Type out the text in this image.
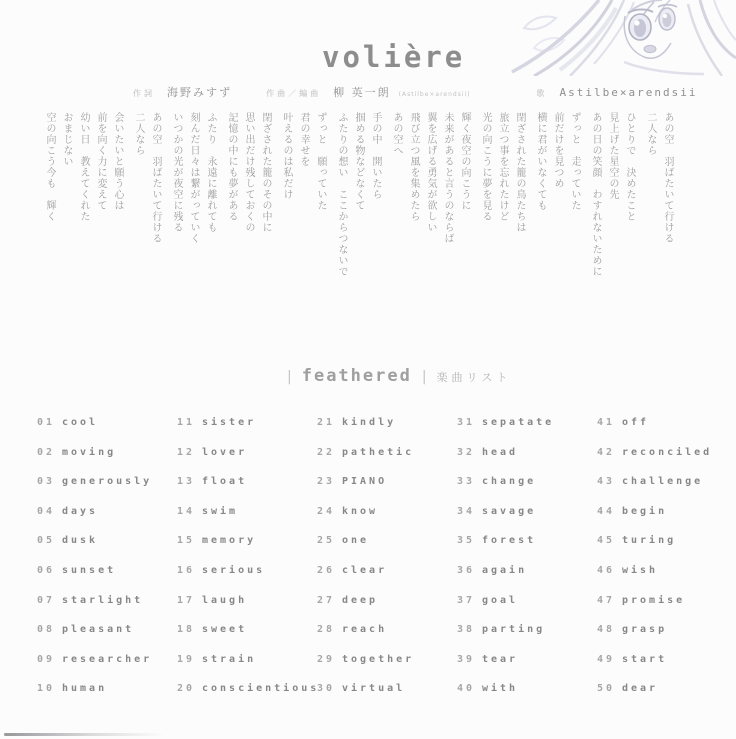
volière
作詞 海野みすず	作曲／編曲 柳 英一朗 (Astilbe×arendsii)	歌 Astilbe×arendsii

あの空　羽ばたいて行ける

二人なら

ひとりで　決めたこと

見上げた星空の先

あの日の笑顔　わすれないために

ずっと　走っていた

前だけを見つめ

横に君がいなくても

閉ざされた籠の鳥たちは

旅立つ事を忘れたけど

光の向こうに夢を見る

輝く夜空の向こうに

未来があると言うのならば

翼を広げる勇気が欲しい

飛び立つ風を集めたら

あの空へ

手の中　開いたら

掴める物などなくて

ふたりの想い　ここからつないで

ずっと　願っていた

君の幸せを

叶えるのは私だけ

閉ざされた籠のその中に

思い出だけ残しておくの

記憶の中にも夢がある

ふたり　永遠に離れても

刻んだ日々は繋がっていく

いつかの光が夜空に残る

あの空　羽ばたいて行ける

二人なら

会いたいと願う心は

前を向く力に変えて

幼い日　教えてくれた

おまじない

空の向こう今も　輝く

| feathered | 楽曲リスト
01 cool
02 moving
03 generously
04 days
05 dusk
06 sunset
07 starlight
08 pleasant
09 researcher
10 human
11 sister
12 lover
13 float
14 swim
15 memory
16 serious
17 laugh
18 sweet
19 strain
20 conscientious
21 kindly
22 pathetic
23 PIANO
24 know
25 one
26 clear
27 deep
28 reach
29 together
30 virtual
31 sepatate
32 head
33 change
34 savage
35 forest
36 again
37 goal
38 parting
39 tear
40 with
41 off
42 reconciled
43 challenge
44 begin
45 turing
46 wish
47 promise
48 grasp
49 start
50 dear
